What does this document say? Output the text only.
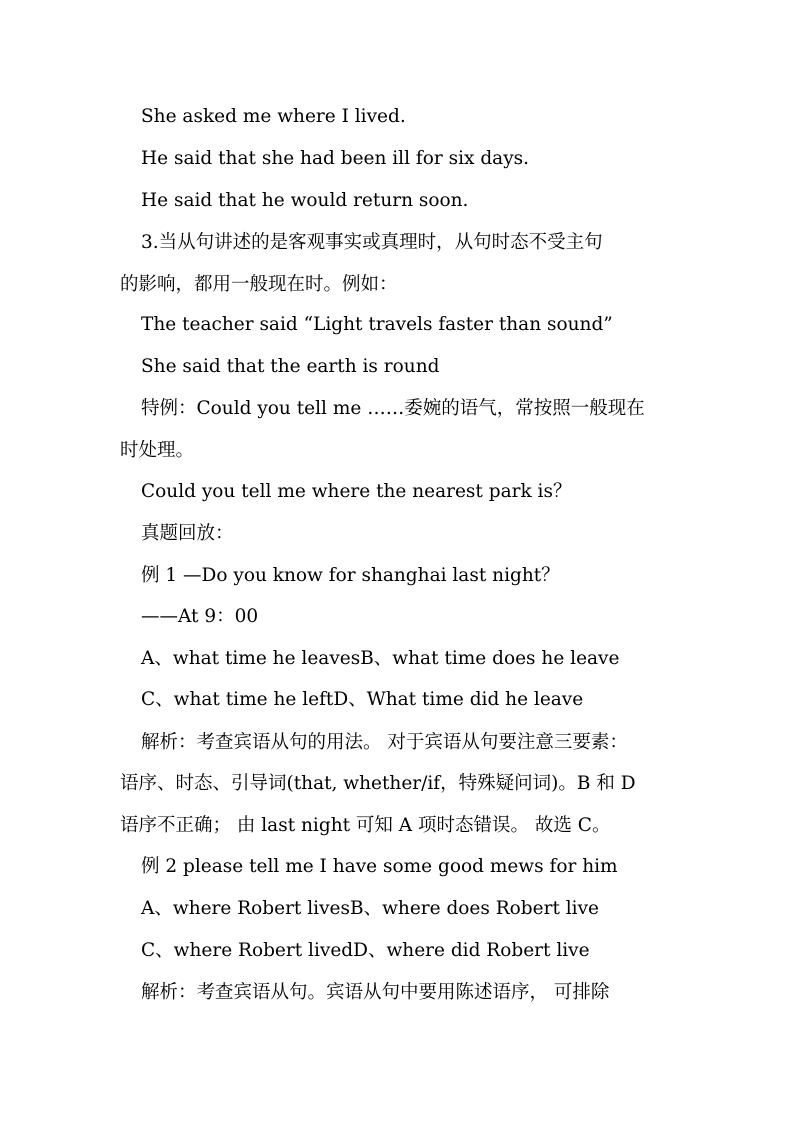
She asked me where I lived.
He said that she had been ill for six days.
He said that he would return soon.
3.当从句讲述的是客观事实或真理时，从句时态不受主句
的影响，都用一般现在时。例如：
The teacher said “Light travels faster than sound”
She said that the earth is round
特例：Could you tell me ……委婉的语气，常按照一般现在
时处理。
Could you tell me where the nearest park is？
真题回放：
例 1 —Do you know for shanghai last night？
——At 9：00
A、what time he leavesB、what time does he leave
C、what time he leftD、What time did he leave
解析：考查宾语从句的用法。 对于宾语从句要注意三要素：
语序、时态、引导词(that, whether/if，特殊疑问词)。B 和 D
语序不正确； 由 last night 可知 A 项时态错误。 故选 C。
例 2 please tell me I have some good mews for him
A、where Robert livesB、where does Robert live
C、where Robert livedD、where did Robert live
解析：考查宾语从句。宾语从句中要用陈述语序， 可排除
